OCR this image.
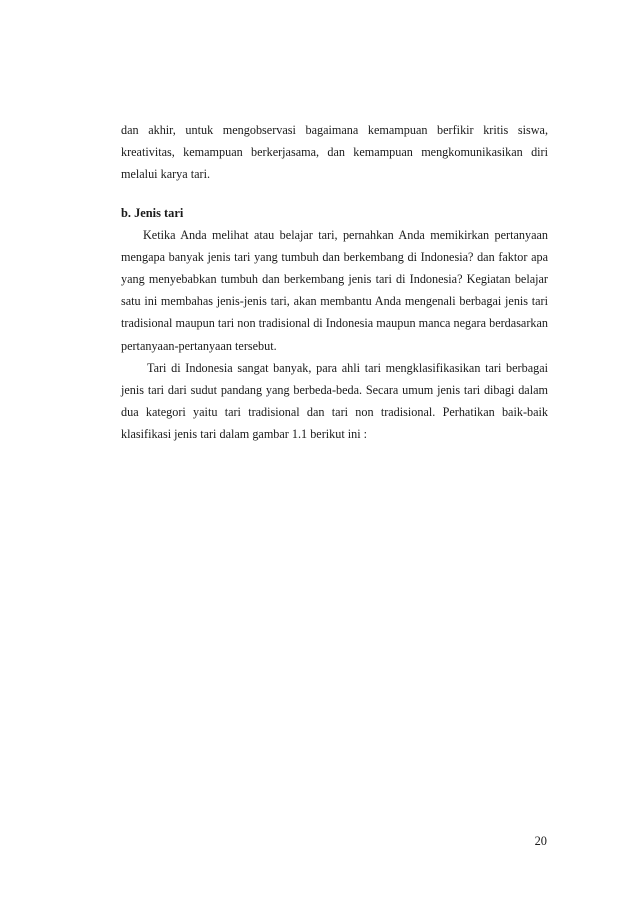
dan akhir, untuk mengobservasi bagaimana kemampuan berfikir kritis siswa, kreativitas, kemampuan berkerjasama, dan kemampuan mengkomunikasikan diri melalui karya tari.

b. Jenis tari

Ketika Anda melihat atau belajar tari, pernahkan Anda memikirkan pertanyaan mengapa banyak jenis tari yang tumbuh dan berkembang di Indonesia? dan faktor apa yang menyebabkan tumbuh dan berkembang jenis tari di Indonesia? Kegiatan belajar satu ini membahas jenis-jenis tari, akan membantu Anda mengenali berbagai jenis tari tradisional maupun tari non tradisional di Indonesia maupun manca negara berdasarkan pertanyaan-pertanyaan tersebut.

Tari di Indonesia sangat banyak, para ahli tari mengklasifikasikan tari berbagai jenis tari dari sudut pandang yang berbeda-beda. Secara umum jenis tari dibagi dalam dua kategori yaitu tari tradisional dan tari non tradisional. Perhatikan baik-baik klasifikasi jenis tari dalam gambar 1.1 berikut ini :

20
